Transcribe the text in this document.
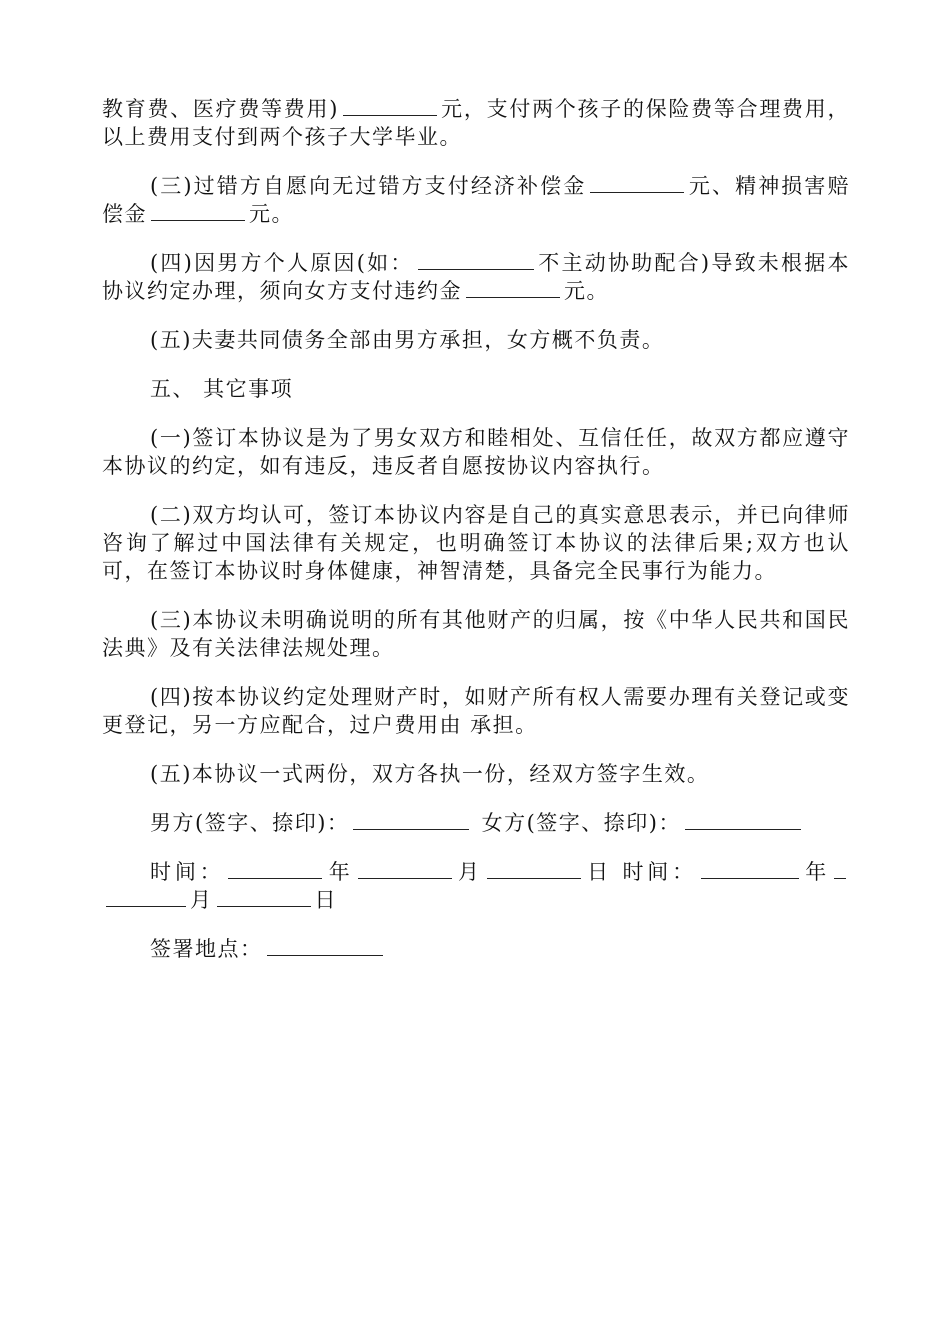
教育费、医疗费等费用)	元，支付两个孩子的保险费等合理费用，以上费用支付到两个孩子大学毕业。

(三)过错方自愿向无过错方支付经济补偿金	元、精神损害赔偿金	元。

(四)因男方个人原因(如：	不主动协助配合)导致未根据本协议约定办理，须向女方支付违约金	元。

(五)夫妻共同债务全部由男方承担，女方概不负责。

五、 其它事项

(一)签订本协议是为了男女双方和睦相处、互信任任，故双方都应遵守本协议的约定，如有违反，违反者自愿按协议内容执行。

(二)双方均认可，签订本协议内容是自己的真实意思表示，并已向律师咨询了解过中国法律有关规定，也明确签订本协议的法律后果;双方也认可，在签订本协议时身体健康，神智清楚，具备完全民事行为能力。

(三)本协议未明确说明的所有其他财产的归属，按《中华人民共和国民法典》及有关法律法规处理。

(四)按本协议约定处理财产时，如财产所有权人需要办理有关登记或变更登记，另一方应配合，过户费用由 承担。

(五)本协议一式两份，双方各执一份，经双方签字生效。

男方(签字、捺印)：	女方(签字、捺印)：

时间：	年	月	日 时间：	年月	日

签署地点：
